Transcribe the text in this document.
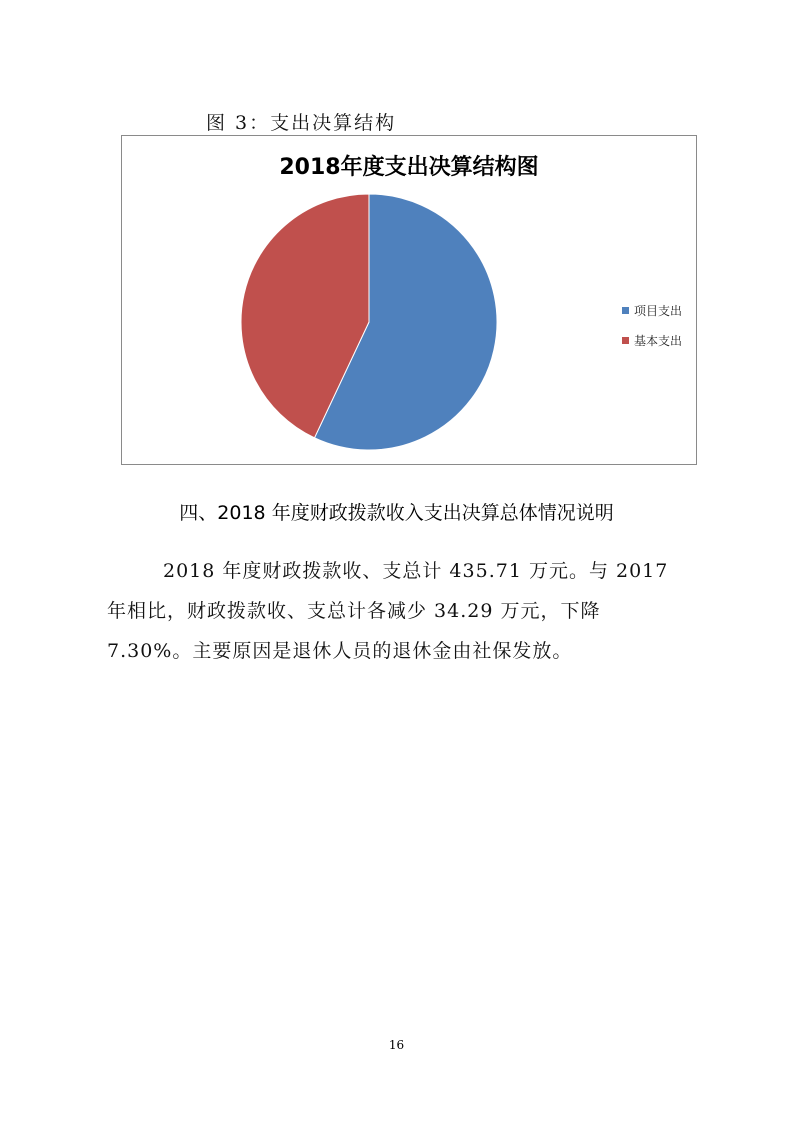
图 3：支出决算结构
2018年度支出决算结构图
项目支出
基本支出
四、2018 年度财政拨款收入支出决算总体情况说明
2018 年度财政拨款收、支总计 435.71 万元。与 2017
年相比，财政拨款收、支总计各减少 34.29 万元，下降
7.30%。主要原因是退休人员的退休金由社保发放。
16
